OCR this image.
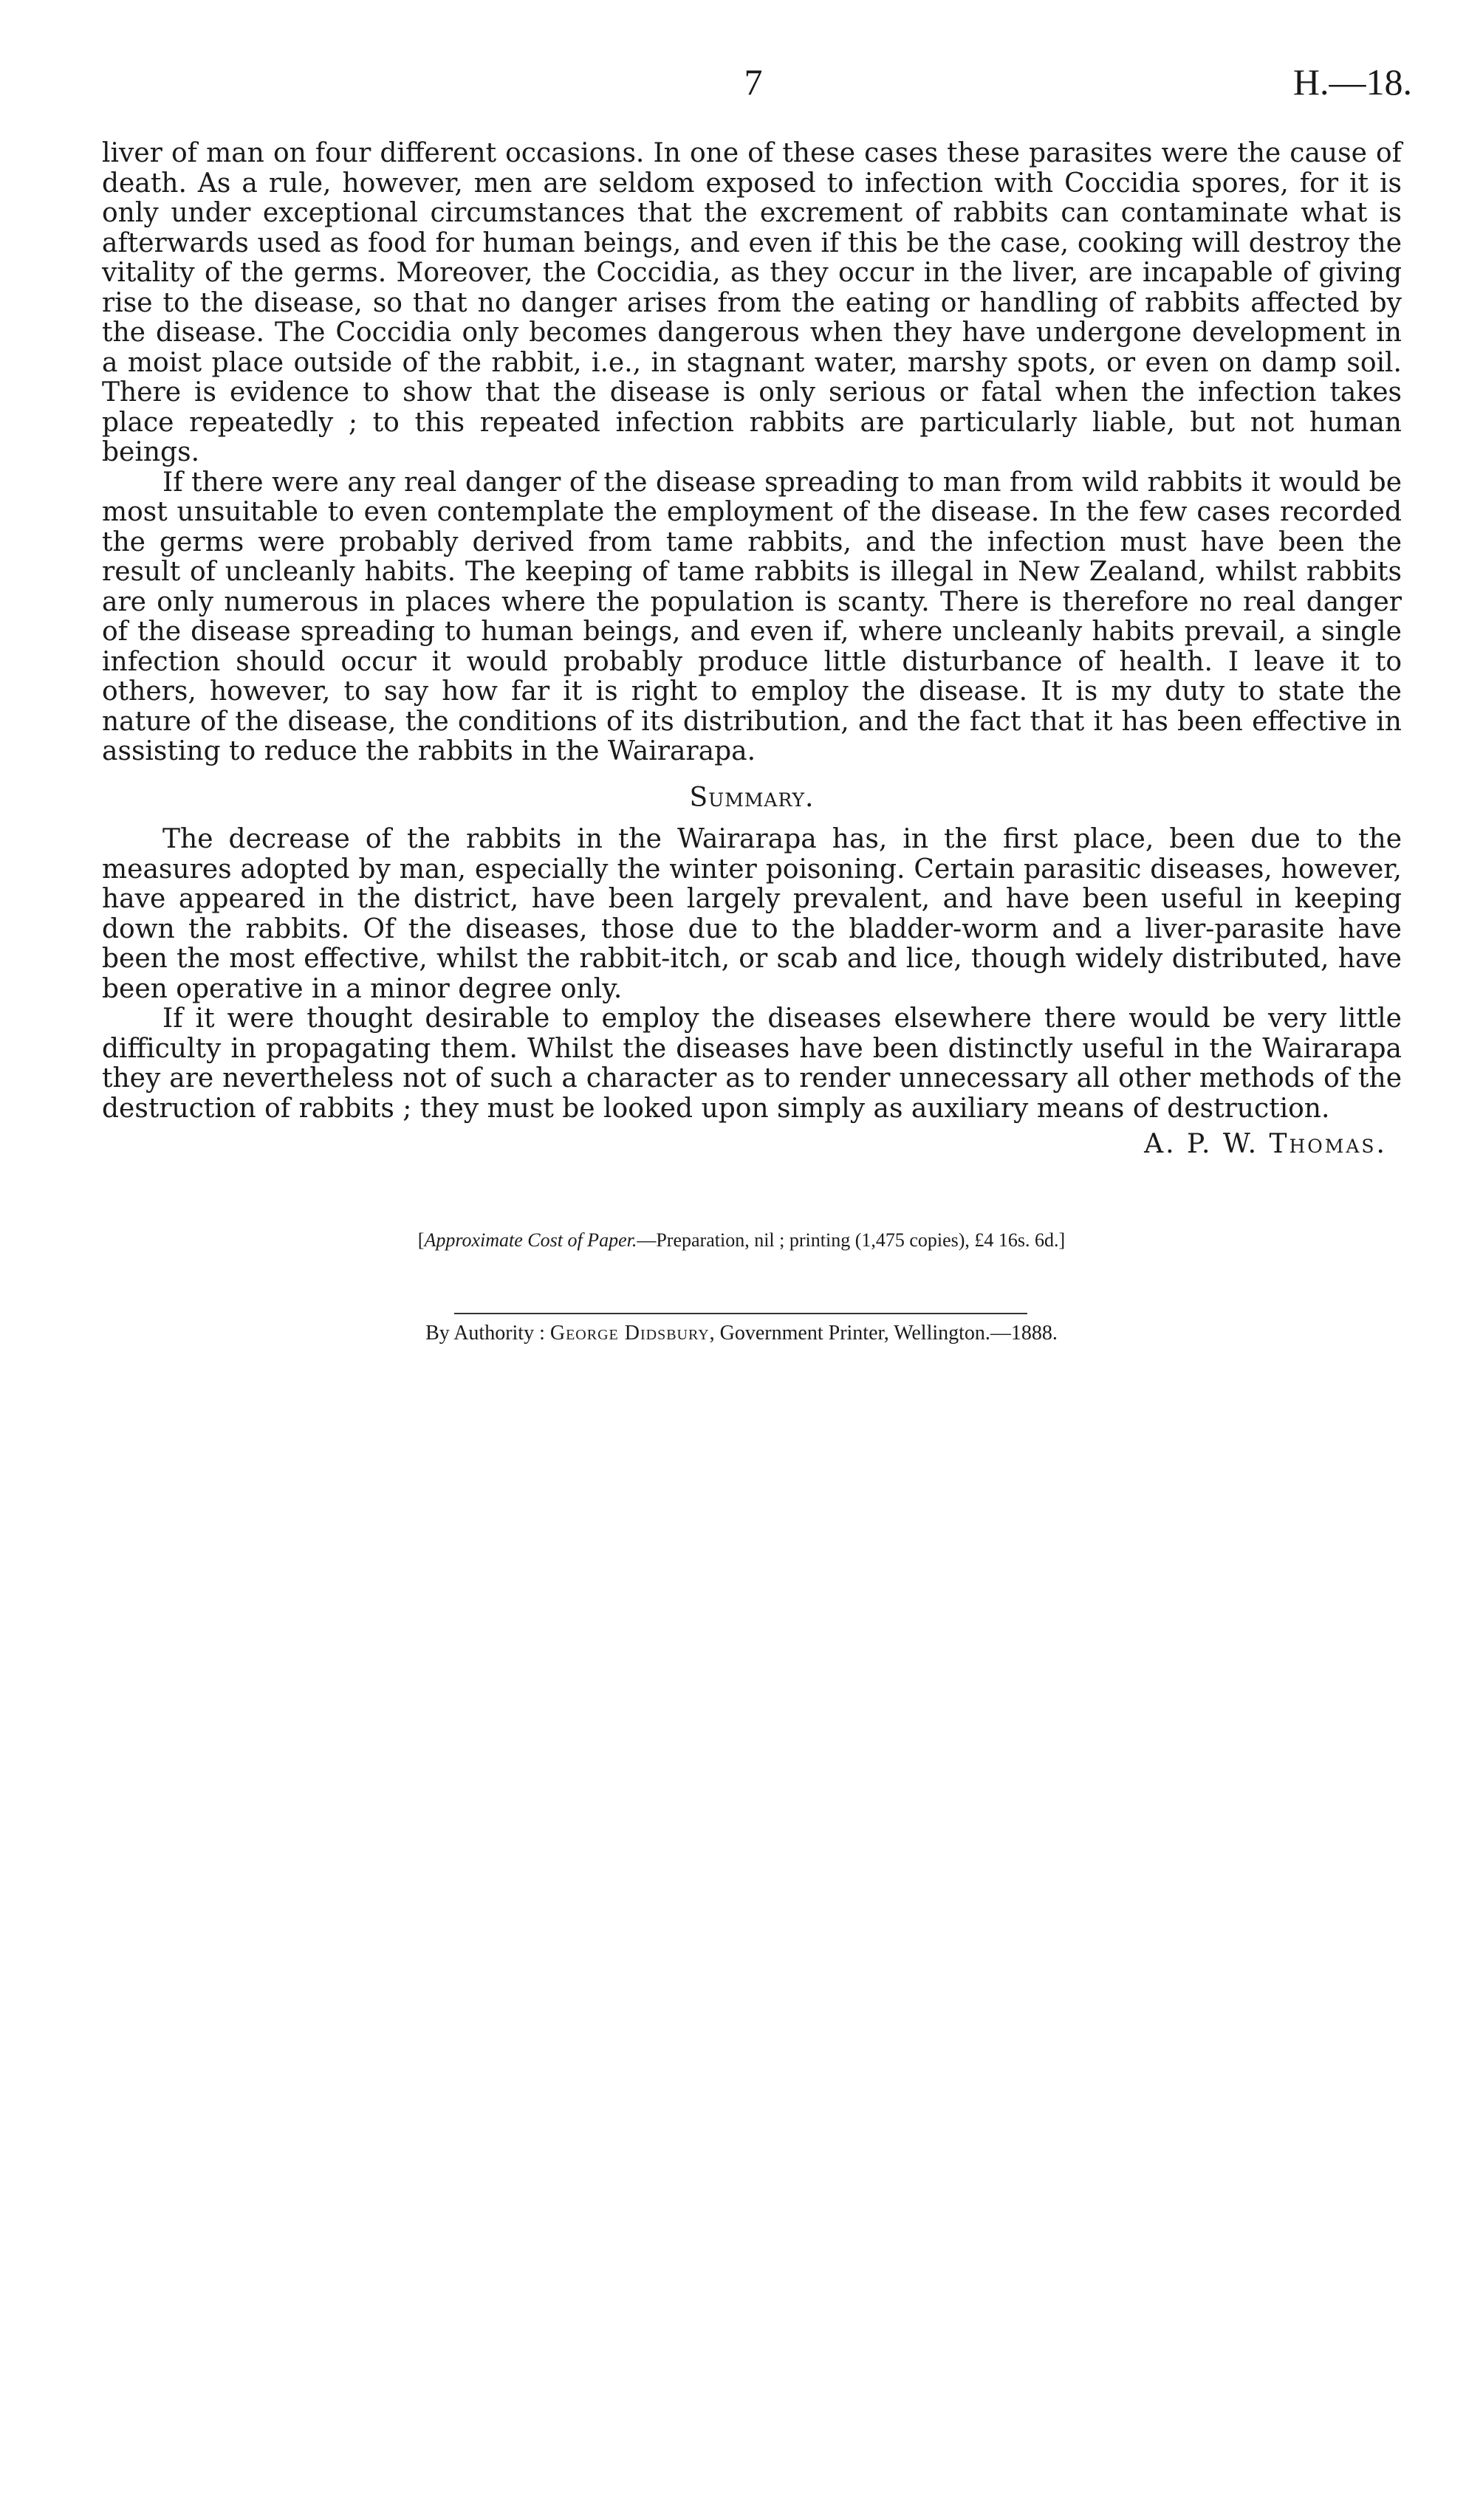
7	H.—18.

liver of man on four different occasions. In one of these cases these parasites were the cause of death. As a rule, however, men are seldom exposed to infection with Coccidia spores, for it is only under exceptional circumstances that the excrement of rabbits can contaminate what is afterwards used as food for human beings, and even if this be the case, cooking will destroy the vitality of the germs. Moreover, the Coccidia, as they occur in the liver, are incapable of giving rise to the disease, so that no danger arises from the eating or handling of rabbits affected by the disease. The Coccidia only becomes dangerous when they have undergone development in a moist place outside of the rabbit, i.e., in stagnant water, marshy spots, or even on damp soil. There is evidence to show that the disease is only serious or fatal when the infection takes place repeatedly ; to this repeated infection rabbits are particularly liable, but not human beings.

If there were any real danger of the disease spreading to man from wild rabbits it would be most unsuitable to even contemplate the employment of the disease. In the few cases recorded the germs were probably derived from tame rabbits, and the infection must have been the result of uncleanly habits. The keeping of tame rabbits is illegal in New Zealand, whilst rabbits are only numerous in places where the population is scanty. There is therefore no real danger of the disease spreading to human beings, and even if, where uncleanly habits prevail, a single infection should occur it would probably produce little disturbance of health. I leave it to others, however, to say how far it is right to employ the disease. It is my duty to state the nature of the disease, the conditions of its distribution, and the fact that it has been effective in assisting to reduce the rabbits in the Wairarapa.

Summary.

The decrease of the rabbits in the Wairarapa has, in the first place, been due to the measures adopted by man, especially the winter poisoning. Certain parasitic diseases, however, have appeared in the district, have been largely prevalent, and have been useful in keeping down the rabbits. Of the diseases, those due to the bladder-worm and a liver-parasite have been the most effective, whilst the rabbit-itch, or scab and lice, though widely distributed, have been operative in a minor degree only.

If it were thought desirable to employ the diseases elsewhere there would be very little difficulty in propagating them. Whilst the diseases have been distinctly useful in the Wairarapa they are nevertheless not of such a character as to render unnecessary all other methods of the destruction of rabbits ; they must be looked upon simply as auxiliary means of destruction.

A. P. W. Thomas.
[Approximate Cost of Paper.—Preparation, nil ; printing (1,475 copies), £4 16s. 6d.]
By Authority : George Didsbury, Government Printer, Wellington.—1888.
